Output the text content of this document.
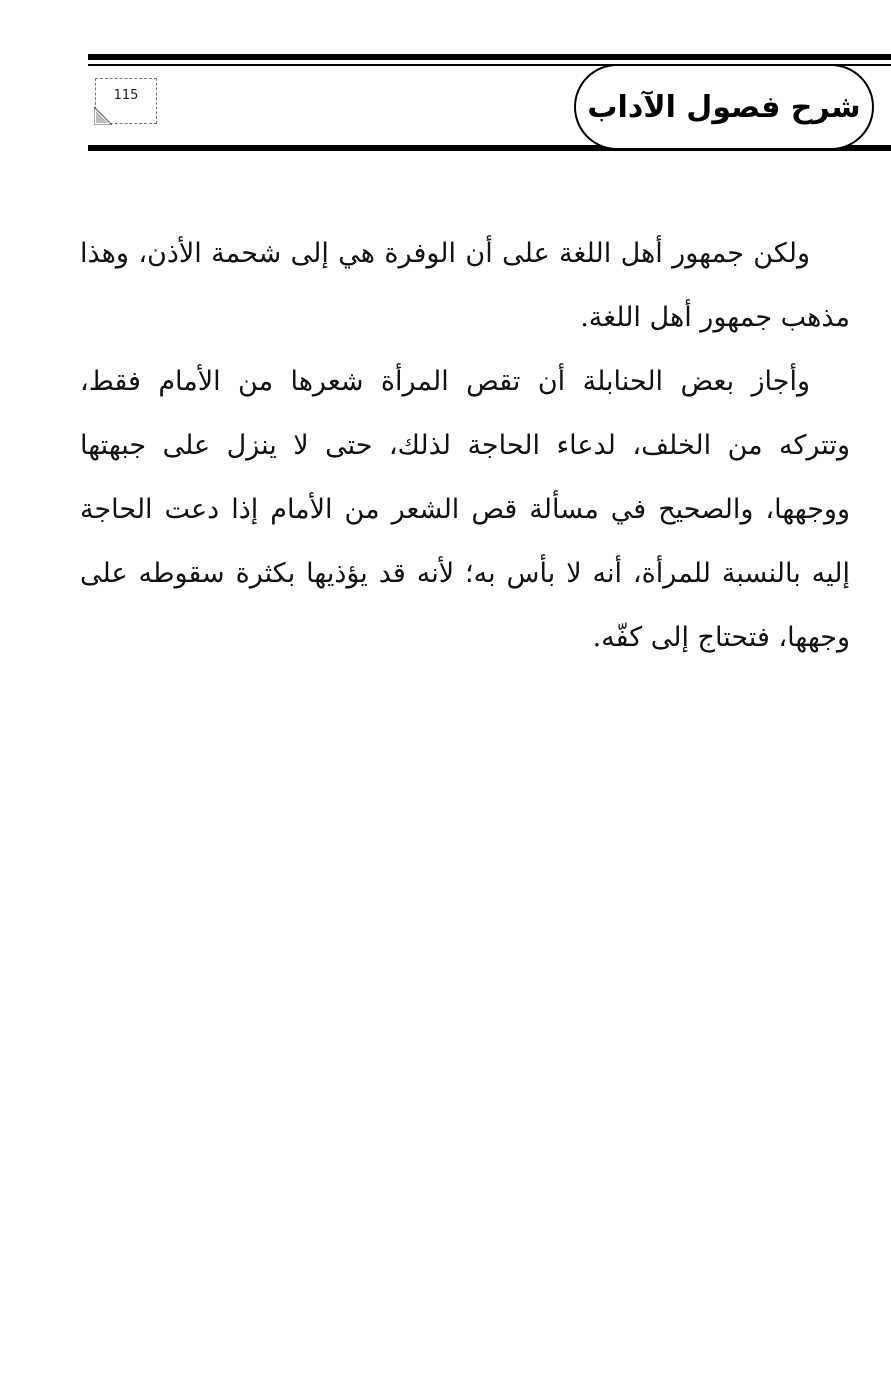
115	شرح فصول الآداب

ولكن جمهور أهل اللغة على أن الوفرة هي إلى شحمة الأذن، وهذا مذهب جمهور أهل اللغة.

وأجاز بعض الحنابلة أن تقص المرأة شعرها من الأمام فقط، وتتركه من الخلف، لدعاء الحاجة لذلك، حتى لا ينزل على جبهتها ووجهها، والصحيح في مسألة قص الشعر من الأمام إذا دعت الحاجة إليه بالنسبة للمرأة، أنه لا بأس به؛ لأنه قد يؤذيها بكثرة سقوطه على وجهها، فتحتاج إلى كفّه.
